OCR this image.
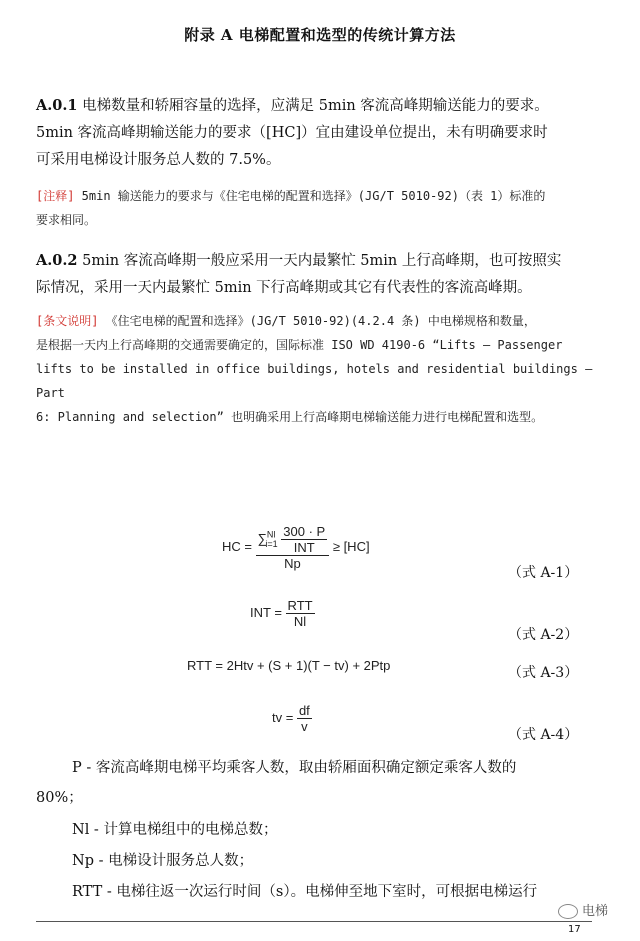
附录 A 电梯配置和选型的传统计算方法
A.0.1 电梯数量和轿厢容量的选择，应满足 5min 客流高峰期输送能力的要求。
5min 客流高峰期输送能力的要求（[HC]）宜由建设单位提出，未有明确要求时
可采用电梯设计服务总人数的 7.5%。
[注释] 5min 输送能力的要求与《住宅电梯的配置和选择》(JG/T 5010-92)（表 1）标准的
要求相同。
A.0.2 5min 客流高峰期一般应采用一天内最繁忙 5min 上行高峰期，也可按照实
际情况，采用一天内最繁忙 5min 下行高峰期或其它有代表性的客流高峰期。
[条文说明] 《住宅电梯的配置和选择》(JG/T 5010-92)(4.2.4 条) 中电梯规格和数量，
是根据一天内上行高峰期的交通需要确定的，国际标准 ISO WD 4190-6 “Lifts — Passenger
lifts to be installed in office buildings, hotels and residential buildings — Part
6: Planning and selection” 也明确采用上行高峰期电梯输送能力进行电梯配置和选型。
HC = $\frac{\sum^{Nl}_{i=1} \frac{300 \cdot P}{\text{INT}}}{Np} \ge [HC]$
（式 A-1）
INT = $\frac{\text{RTT}}{Nl}$
（式 A-2）
RTT = 2Htv + (S + 1)(T − tv) + 2Ptp	（式 A-3）
tv = $\frac{df}{v}$
（式 A-4）
P - 客流高峰期电梯平均乘客人数，取由轿厢面积确定额定乘客人数的
80%；
Nl - 计算电梯组中的电梯总数；
Np - 电梯设计服务总人数；
RTT - 电梯往返一次运行时间（s）。电梯伸至地下室时，可根据电梯运行
电梯
17
